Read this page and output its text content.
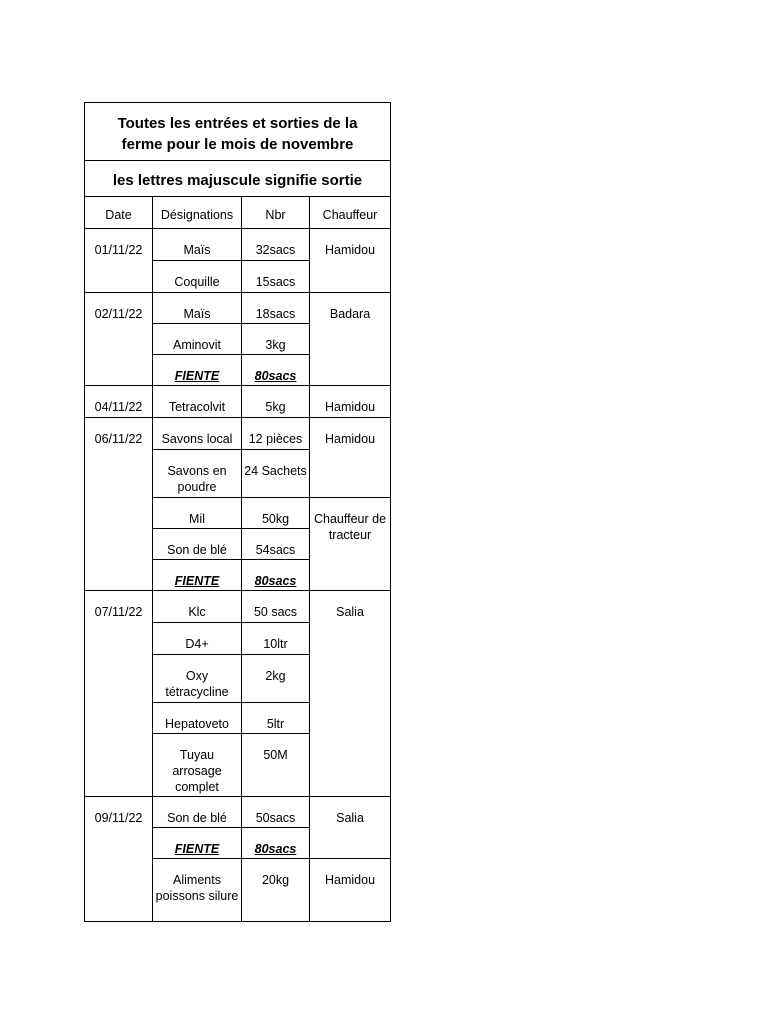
Toutes les entrées et sorties de la ferme pour le mois de novembre			
les lettres majuscule signifie sortie			
Date	Désignations	Nbr	Chauffeur
01/11/22	Maïs	32sacs	Hamidou
	Coquille	15sacs	
02/11/22	Maïs	18sacs	Badara
	Aminovit	3kg	
	FIENTE	80sacs	
04/11/22	Tetracolvit	5kg	Hamidou
06/11/22	Savons local	12 pièces	Hamidou
	Savons en poudre	24 Sachets	
	Mil	50kg	Chauffeur de tracteur
	Son de blé	54sacs	
	FIENTE	80sacs	
07/11/22	Klc	50 sacs	Salia
	D4+	10ltr	
	Oxy tétracycline	2kg	
	Hepatoveto	5ltr	
	Tuyau arrosage complet	50M	
09/11/22	Son de blé	50sacs	Salia
	FIENTE	80sacs	
	Aliments poissons silure	20kg	Hamidou
